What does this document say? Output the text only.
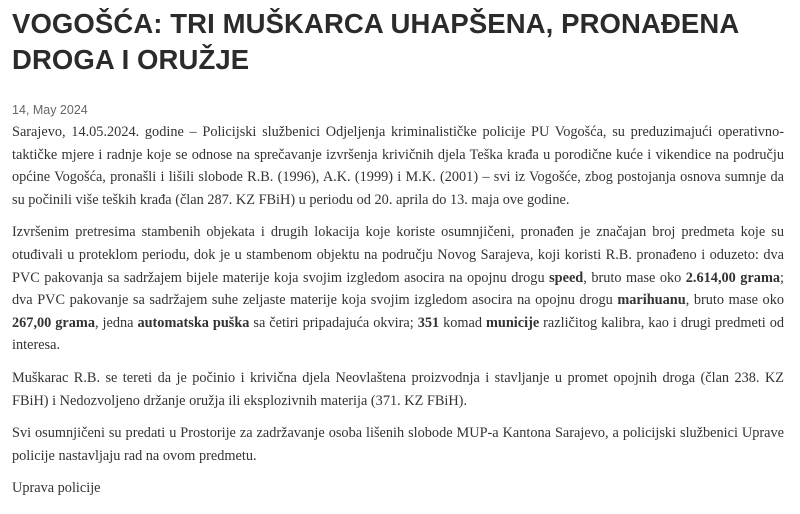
VOGOŠĆA: TRI MUŠKARCA UHAPŠENA, PRONAĐENA DROGA I ORUŽJE
14, May 2024

Sarajevo, 14.05.2024. godine – Policijski službenici Odjeljenja kriminalističke policije PU Vogošća, su preduzimajući operativno- taktičke mjere i radnje koje se odnose na sprečavanje izvršenja krivičnih djela Teška krađa u porodične kuće i vikendice na području općine Vogošća, pronašli i lišili slobode R.B. (1996), A.K. (1999) i M.K. (2001) – svi iz Vogošće, zbog postojanja osnova sumnje da su počinili više teških krađa (član 287. KZ FBiH) u periodu od 20. aprila do 13. maja ove godine.

Izvršenim pretresima stambenih objekata i drugih lokacija koje koriste osumnjičeni, pronađen je značajan broj predmeta koje su otuđivali u proteklom periodu, dok je u stambenom objektu na području Novog Sarajeva, koji koristi R.B. pronađeno i oduzeto: dva PVC pakovanja sa sadržajem bijele materije koja svojim izgledom asocira na opojnu drogu speed, bruto mase oko 2.614,00 grama; dva PVC pakovanje sa sadržajem suhe zeljaste materije koja svojim izgledom asocira na opojnu drogu marihuanu, bruto mase oko 267,00 grama, jedna automatska puška sa četiri pripadajuća okvira; 351 komad municije različitog kalibra, kao i drugi predmeti od interesa.

Muškarac R.B. se tereti da je počinio i krivična djela Neovlaštena proizvodnja i stavljanje u promet opojnih droga (član 238. KZ FBiH) i Nedozvoljeno držanje oružja ili eksplozivnih materija (371. KZ FBiH).

Svi osumnjičeni su predati u Prostorije za zadržavanje osoba lišenih slobode MUP-a Kantona Sarajevo, a policijski službenici Uprave policije nastavljaju rad na ovom predmetu.

Uprava policije
